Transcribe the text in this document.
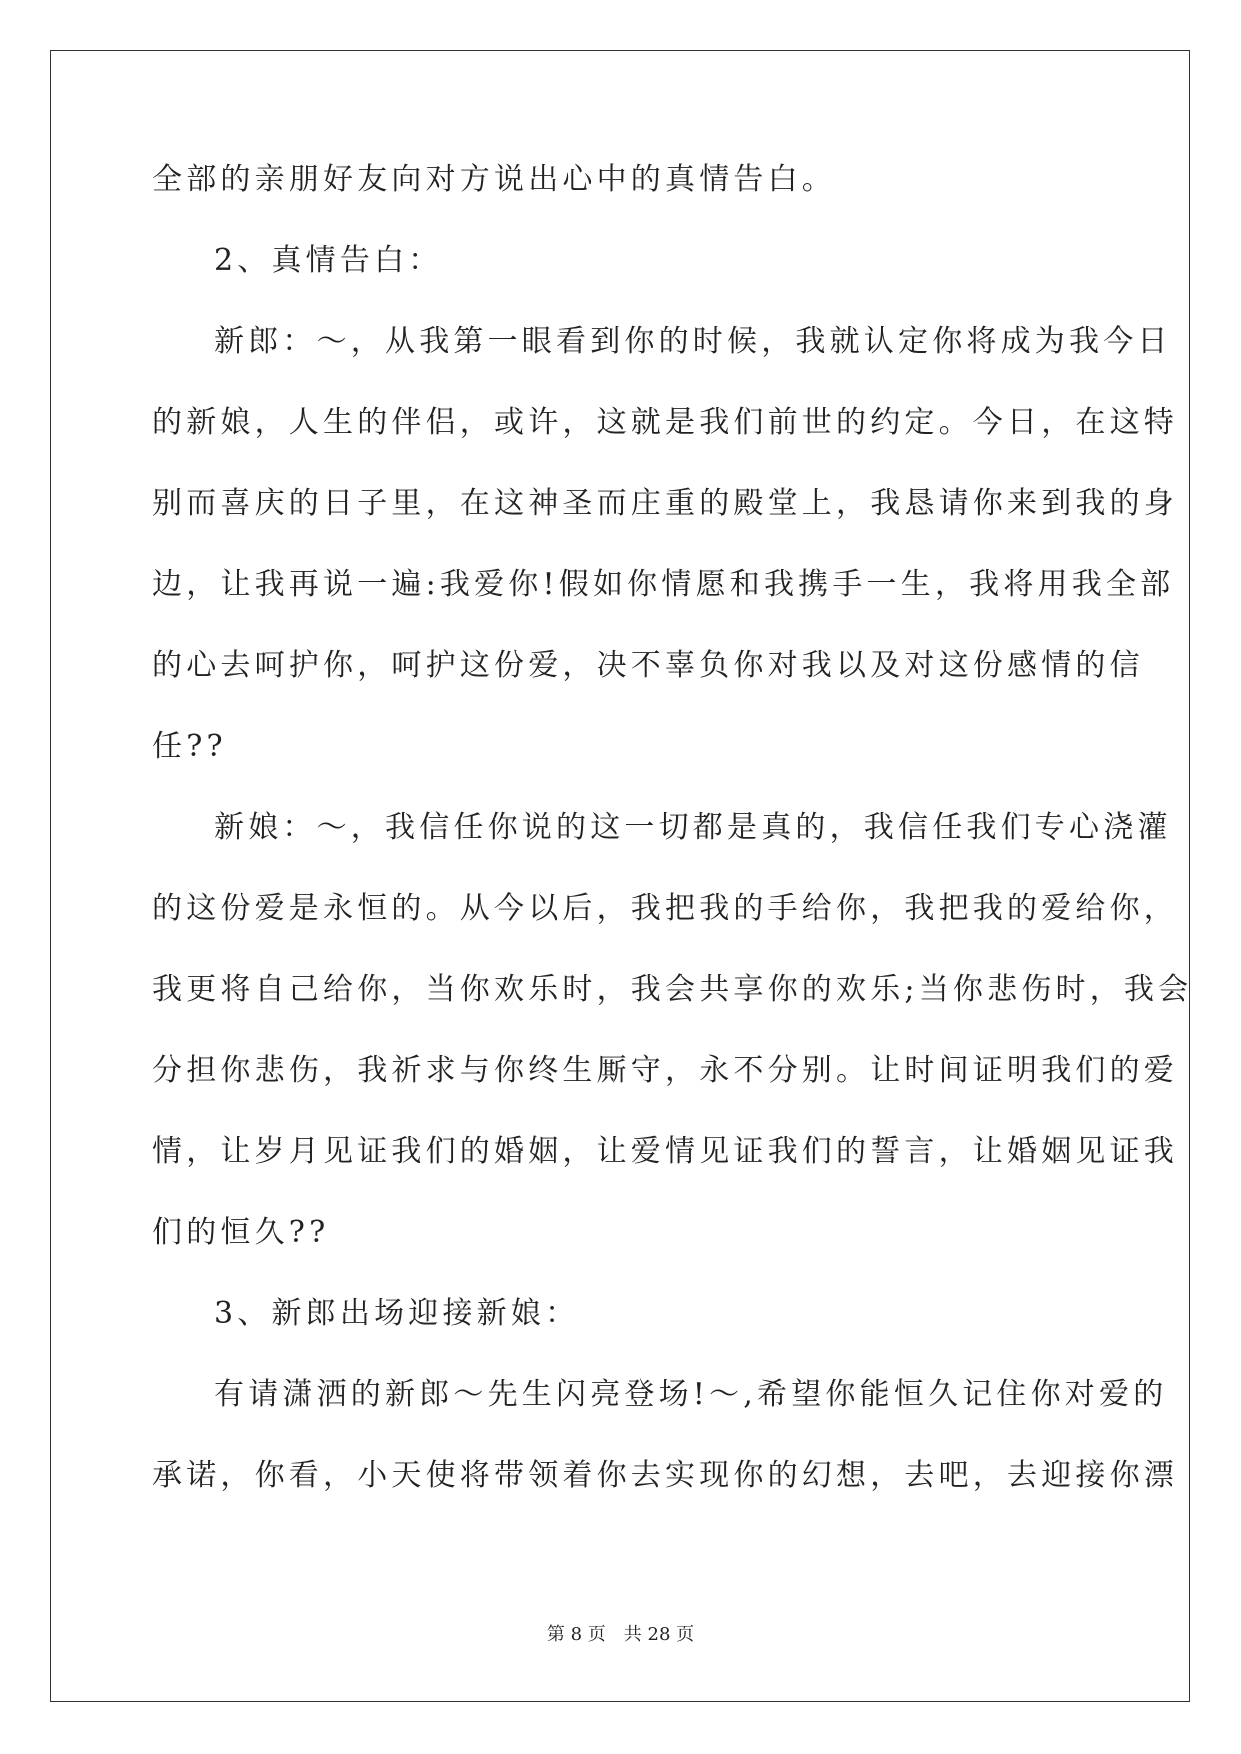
全部的亲朋好友向对方说出心中的真情告白。
2、真情告白：
新郎：～，从我第一眼看到你的时候，我就认定你将成为我今日
的新娘，人生的伴侣，或许，这就是我们前世的约定。今日，在这特
别而喜庆的日子里，在这神圣而庄重的殿堂上，我恳请你来到我的身
边，让我再说一遍:我爱你!假如你情愿和我携手一生，我将用我全部
的心去呵护你，呵护这份爱，决不辜负你对我以及对这份感情的信
任??
新娘：～，我信任你说的这一切都是真的，我信任我们专心浇灌
的这份爱是永恒的。从今以后，我把我的手给你，我把我的爱给你，
我更将自己给你，当你欢乐时，我会共享你的欢乐;当你悲伤时，我会
分担你悲伤，我祈求与你终生厮守，永不分别。让时间证明我们的爱
情，让岁月见证我们的婚姻，让爱情见证我们的誓言，让婚姻见证我
们的恒久??
3、新郎出场迎接新娘：
有请潇洒的新郎～先生闪亮登场!～,希望你能恒久记住你对爱的
承诺，你看，小天使将带领着你去实现你的幻想，去吧，去迎接你漂
第 8 页　共 28 页
